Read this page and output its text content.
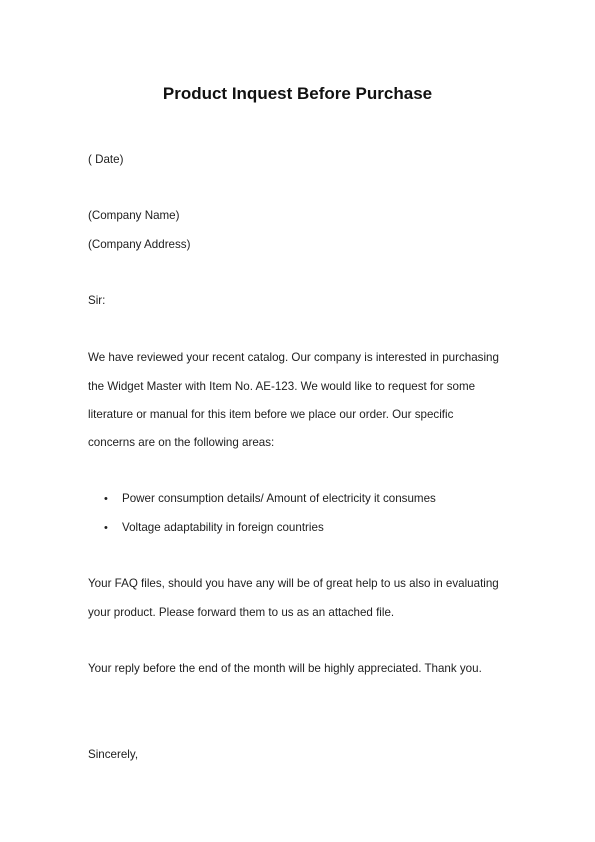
Product Inquest Before Purchase
( Date)
(Company Name)
(Company Address)
Sir:
We have reviewed your recent catalog. Our company is interested in purchasing
the Widget Master with Item No. AE-123. We would like to request for some
literature or manual for this item before we place our order. Our specific
concerns are on the following areas:
• Power consumption details/ Amount of electricity it consumes
• Voltage adaptability in foreign countries
Your FAQ files, should you have any will be of great help to us also in evaluating
your product. Please forward them to us as an attached file.
Your reply before the end of the month will be highly appreciated. Thank you.
Sincerely,
